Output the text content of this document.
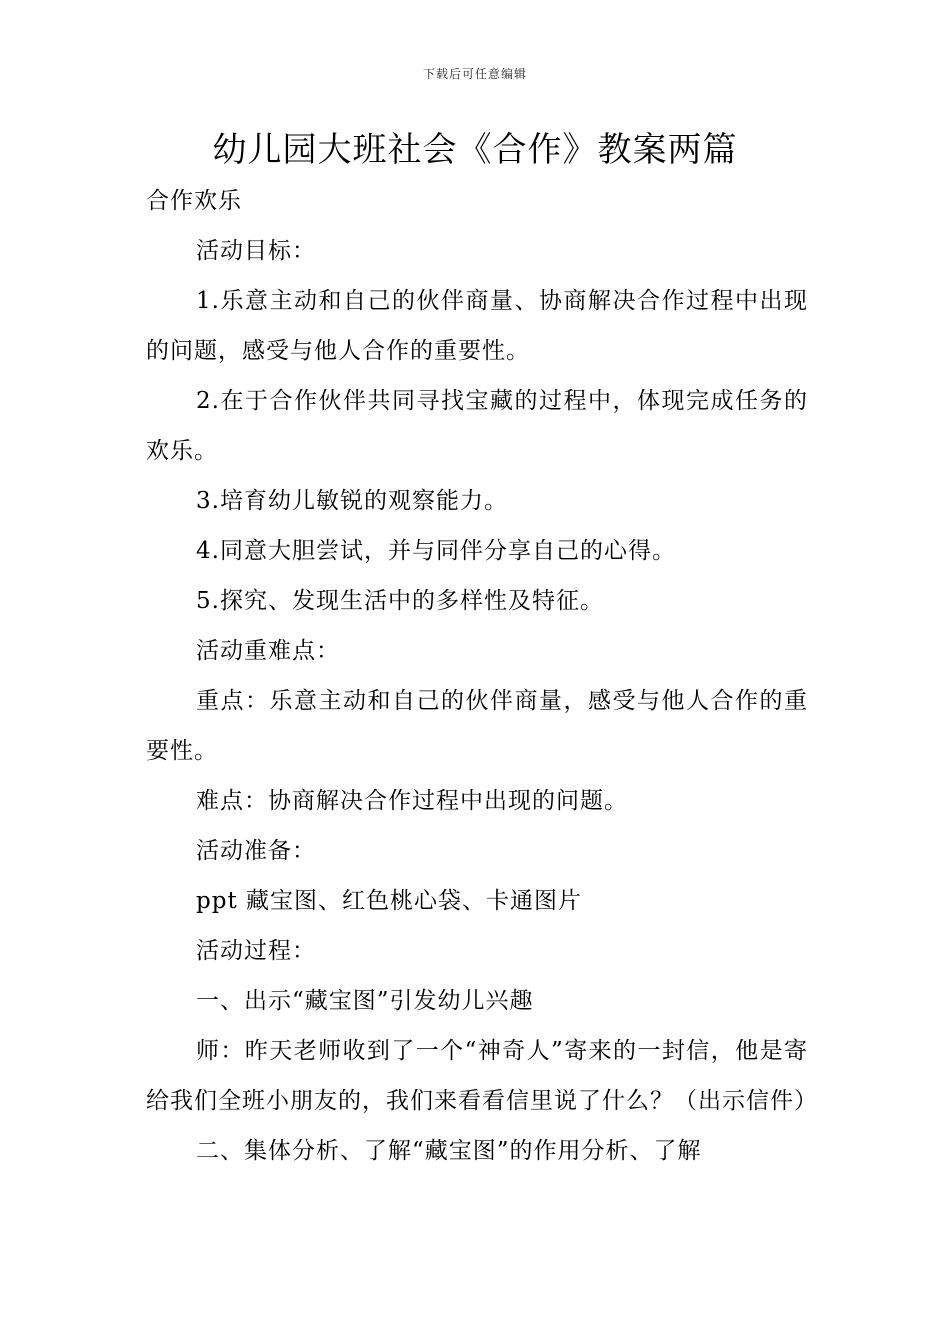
下载后可任意编辑
幼儿园大班社会《合作》教案两篇

合作欢乐

活动目标：

1.乐意主动和自己的伙伴商量、协商解决合作过程中出现的问题，感受与他人合作的重要性。

2.在于合作伙伴共同寻找宝藏的过程中，体现完成任务的欢乐。

3.培育幼儿敏锐的观察能力。

4.同意大胆尝试，并与同伴分享自己的心得。

5.探究、发现生活中的多样性及特征。

活动重难点：

重点：乐意主动和自己的伙伴商量，感受与他人合作的重要性。

难点：协商解决合作过程中出现的问题。

活动准备：

ppt 藏宝图、红色桃心袋、卡通图片

活动过程：

一、出示“藏宝图”引发幼儿兴趣

师：昨天老师收到了一个“神奇人”寄来的一封信，他是寄给我们全班小朋友的，我们来看看信里说了什么？（出示信件）

二、集体分析、了解“藏宝图”的作用分析、了解
